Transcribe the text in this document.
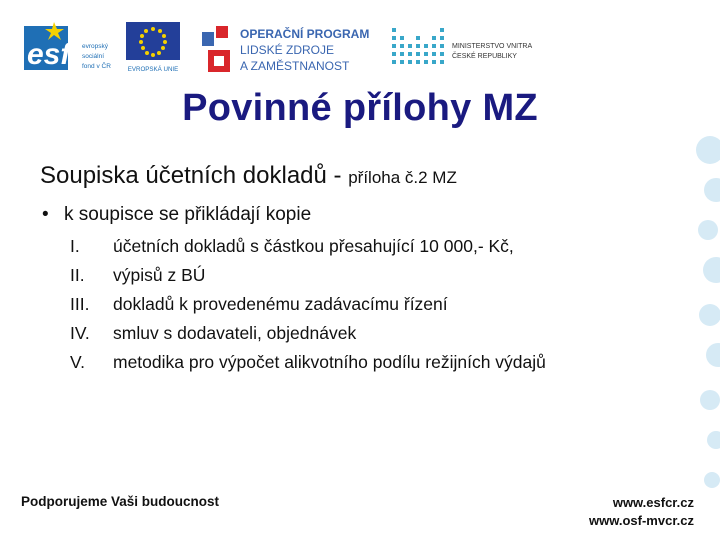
esf	evropský
sociální
fond v ČR	EVROPSKÁ UNIE
OPERAČNÍ PROGRAM
LIDSKÉ ZDROJE
A ZAMĚSTNANOST
MINISTERSTVO VNITRA
ČESKÉ REPUBLIKY
Povinné přílohy MZ
Soupiska účetních dokladů - příloha č.2 MZ
• k soupisce se přikládají kopie
I.	účetních dokladů s částkou přesahující 10 000,- Kč,
II.	výpisů z BÚ
III.	dokladů k provedenému zadávacímu řízení
IV.	smluv s dodavateli, objednávek
V.	metodika pro výpočet alikvotního podílu režijních výdajů
Podporujeme Vaši budoucnost	www.esfcr.cz
www.osf-mvcr.cz
